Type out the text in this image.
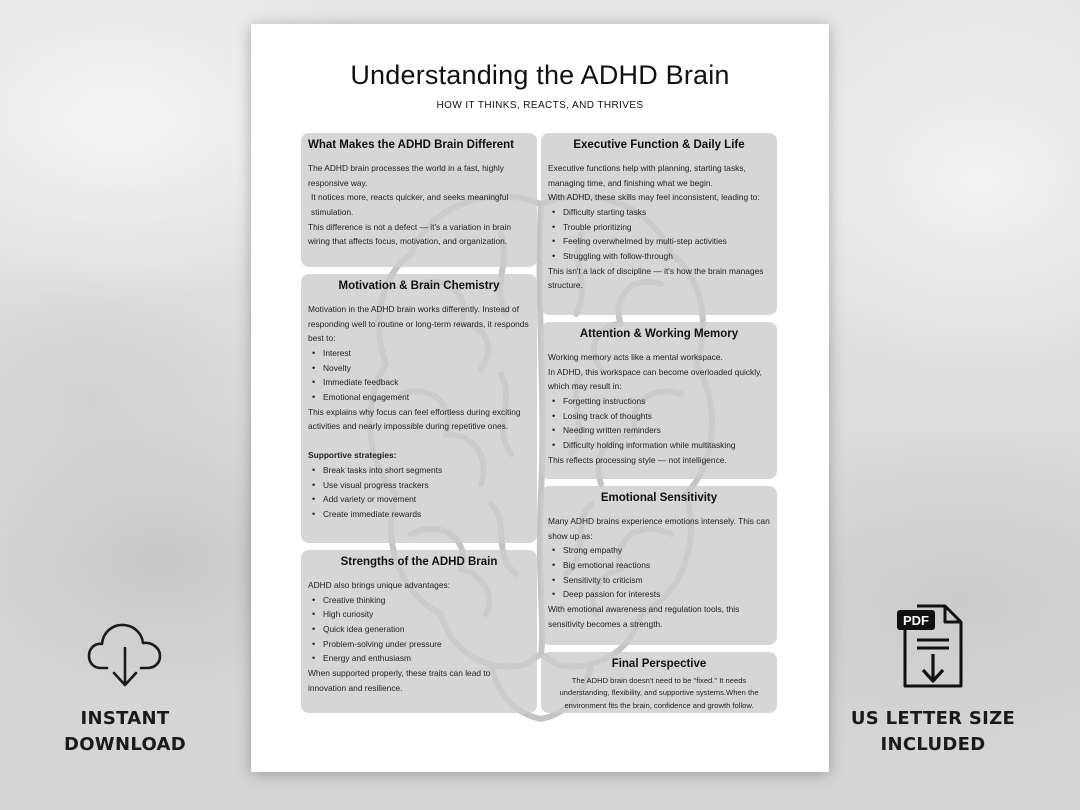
INSTANT
DOWNLOAD
PDF
US LETTER SIZE
INCLUDED
Understanding the ADHD Brain
HOW IT THINKS, REACTS, AND THRIVES
What Makes the ADHD Brain Different

The ADHD brain processes the world in a fast, highly responsive way.

It notices more, reacts quicker, and seeks meaningful stimulation.

This difference is not a defect — it's a variation in brain wiring that affects focus, motivation, and organization.

Motivation & Brain Chemistry

Motivation in the ADHD brain works differently. Instead of responding well to routine or long-term rewards, it responds best to:

• Interest
• Novelty
• Immediate feedback
• Emotional engagement

This explains why focus can feel effortless during exciting activities and nearly impossible during repetitive ones.

Supportive strategies:
• Break tasks into short segments
• Use visual progress trackers
• Add variety or movement
• Create immediate rewards
Strengths of the ADHD Brain

ADHD also brings unique advantages:

• Creative thinking
• High curiosity
• Quick idea generation
• Problem-solving under pressure
• Energy and enthusiasm

When supported properly, these traits can lead to innovation and resilience.

Executive Function & Daily Life

Executive functions help with planning, starting tasks, managing time, and finishing what we begin.

With ADHD, these skills may feel inconsistent, leading to:

• Difficulty starting tasks
• Trouble prioritizing
• Feeling overwhelmed by multi-step activities
• Struggling with follow-through

This isn't a lack of discipline — it's how the brain manages structure.

Attention & Working Memory

Working memory acts like a mental workspace.

In ADHD, this workspace can become overloaded quickly, which may result in:

• Forgetting instructions
• Losing track of thoughts
• Needing written reminders
• Difficulty holding information while multitasking

This reflects processing style — not intelligence.

Emotional Sensitivity

Many ADHD brains experience emotions intensely. This can show up as:

• Strong empathy
• Big emotional reactions
• Sensitivity to criticism
• Deep passion for interests

With emotional awareness and regulation tools, this sensitivity becomes a strength.

Final Perspective

The ADHD brain doesn't need to be "fixed." It needs understanding, flexibility, and supportive systems.When the environment fits the brain, confidence and growth follow.
